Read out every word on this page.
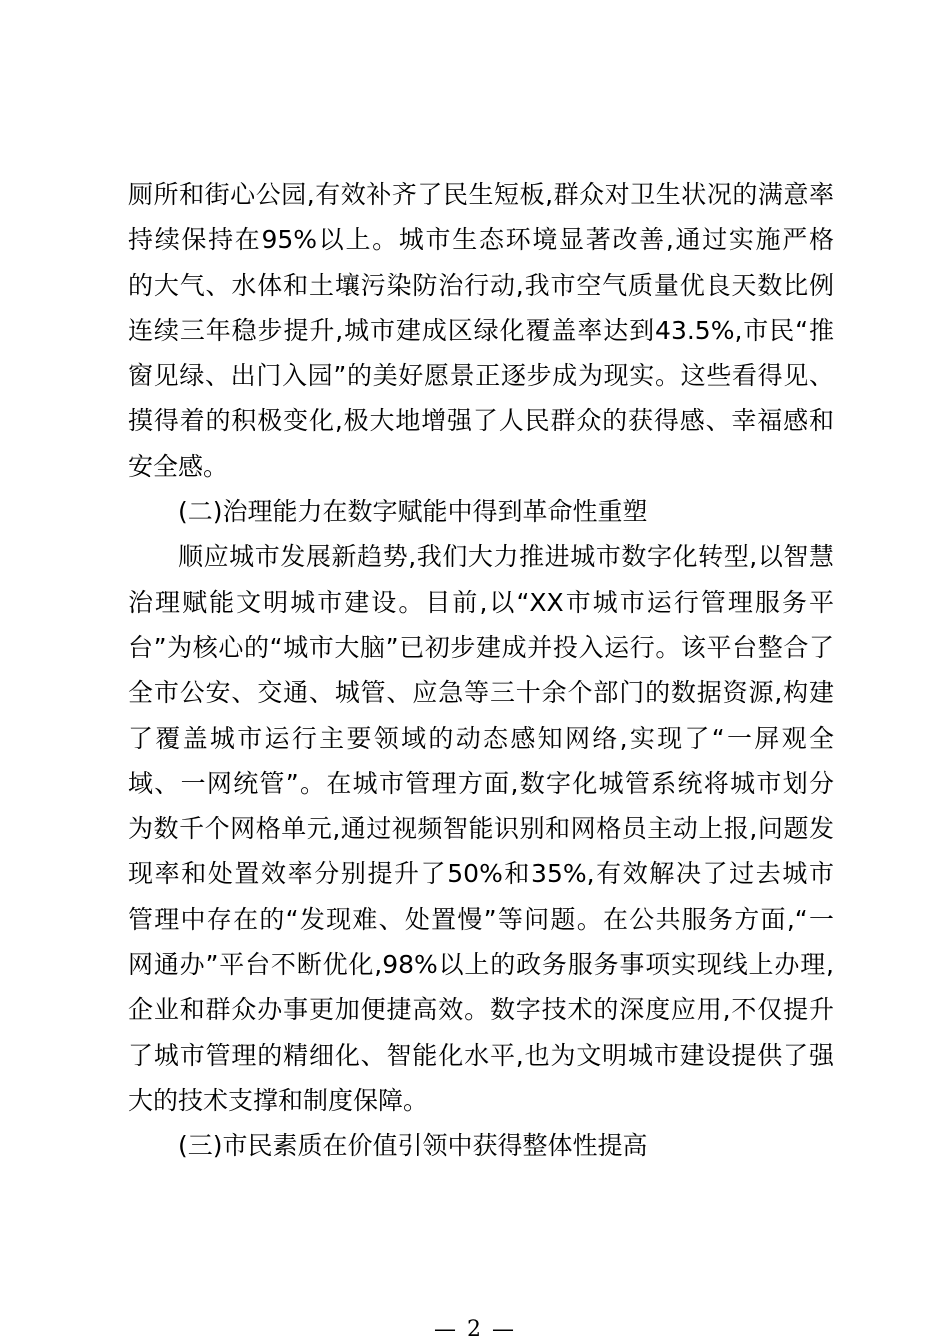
厕所和街心公园,有效补齐了民生短板,群众对卫生状况的满意率
持续保持在95%以上。城市生态环境显著改善,通过实施严格
的大气、水体和土壤污染防治行动,我市空气质量优良天数比例
连续三年稳步提升,城市建成区绿化覆盖率达到43.5%,市民“推
窗见绿、出门入园”的美好愿景正逐步成为现实。这些看得见、
摸得着的积极变化,极大地增强了人民群众的获得感、幸福感和
安全感。
(二)治理能力在数字赋能中得到革命性重塑
顺应城市发展新趋势,我们大力推进城市数字化转型,以智慧
治理赋能文明城市建设。目前,以“XX市城市运行管理服务平
台”为核心的“城市大脑”已初步建成并投入运行。该平台整合了
全市公安、交通、城管、应急等三十余个部门的数据资源,构建
了覆盖城市运行主要领域的动态感知网络,实现了“一屏观全
域、一网统管”。在城市管理方面,数字化城管系统将城市划分
为数千个网格单元,通过视频智能识别和网格员主动上报,问题发
现率和处置效率分别提升了50%和35%,有效解决了过去城市
管理中存在的“发现难、处置慢”等问题。在公共服务方面,“一
网通办”平台不断优化,98%以上的政务服务事项实现线上办理,
企业和群众办事更加便捷高效。数字技术的深度应用,不仅提升
了城市管理的精细化、智能化水平,也为文明城市建设提供了强
大的技术支撑和制度保障。
(三)市民素质在价值引领中获得整体性提高
— 2 —
